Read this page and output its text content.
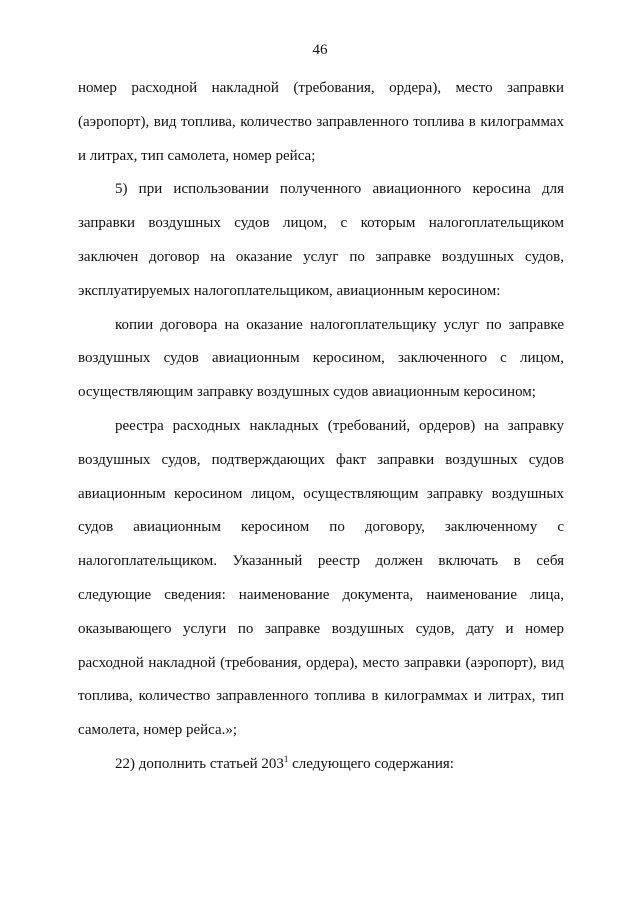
46

номер расходной накладной (требования, ордера), место заправки (аэропорт), вид топлива, количество заправленного топлива в килограммах и литрах, тип самолета, номер рейса;

5) при использовании полученного авиационного керосина для заправки воздушных судов лицом, с которым налогоплательщиком заключен договор на оказание услуг по заправке воздушных судов, эксплуатируемых налогоплательщиком, авиационным керосином:

копии договора на оказание налогоплательщику услуг по заправке воздушных судов авиационным керосином, заключенного с лицом, осуществляющим заправку воздушных судов авиационным керосином;

реестра расходных накладных (требований, ордеров) на заправку воздушных судов, подтверждающих факт заправки воздушных судов авиационным керосином лицом, осуществляющим заправку воздушных судов авиационным керосином по договору, заключенному с налогоплательщиком. Указанный реестр должен включать в себя следующие сведения: наименование документа, наименование лица, оказывающего услуги по заправке воздушных судов, дату и номер расходной накладной (требования, ордера), место заправки (аэропорт), вид топлива, количество заправленного топлива в килограммах и литрах, тип самолета, номер рейса.»;

22) дополнить статьей $203^1$ следующего содержания:
